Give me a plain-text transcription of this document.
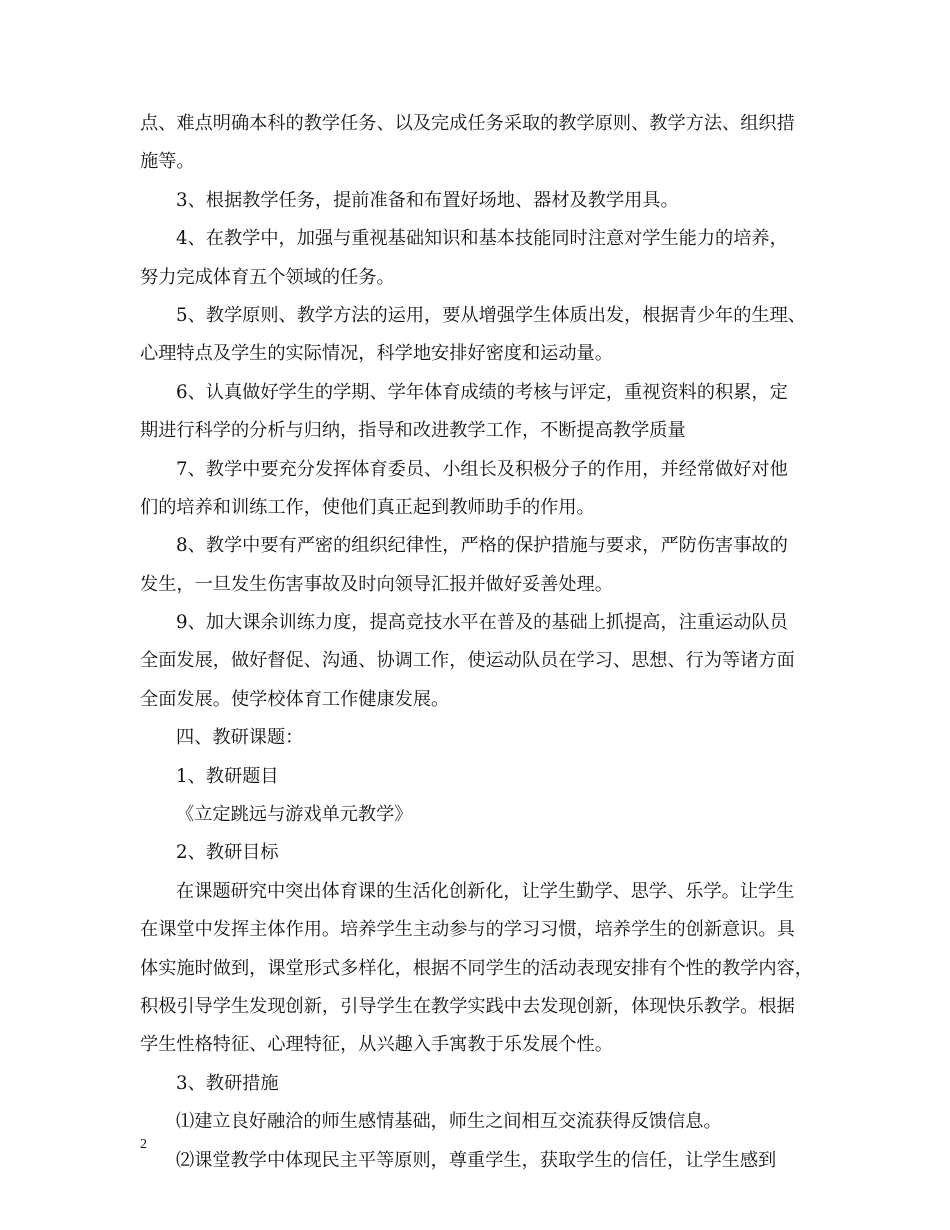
点、难点明确本科的教学任务、以及完成任务采取的教学原则、教学方法、组织措
施等。
3、根据教学任务，提前准备和布置好场地、器材及教学用具。
4、在教学中，加强与重视基础知识和基本技能同时注意对学生能力的培养，
努力完成体育五个领域的任务。
5、教学原则、教学方法的运用，要从增强学生体质出发，根据青少年的生理、
心理特点及学生的实际情况，科学地安排好密度和运动量。
6、认真做好学生的学期、学年体育成绩的考核与评定，重视资料的积累，定
期进行科学的分析与归纳，指导和改进教学工作，不断提高教学质量
7、教学中要充分发挥体育委员、小组长及积极分子的作用，并经常做好对他
们的培养和训练工作，使他们真正起到教师助手的作用。
8、教学中要有严密的组织纪律性，严格的保护措施与要求，严防伤害事故的
发生，一旦发生伤害事故及时向领导汇报并做好妥善处理。
9、加大课余训练力度，提高竞技水平在普及的基础上抓提高，注重运动队员
全面发展，做好督促、沟通、协调工作，使运动队员在学习、思想、行为等诸方面
全面发展。使学校体育工作健康发展。
四、教研课题：
1、教研题目
《立定跳远与游戏单元教学》
2、教研目标
在课题研究中突出体育课的生活化创新化，让学生勤学、思学、乐学。让学生
在课堂中发挥主体作用。培养学生主动参与的学习习惯，培养学生的创新意识。具
体实施时做到，课堂形式多样化，根据不同学生的活动表现安排有个性的教学内容，
积极引导学生发现创新，引导学生在教学实践中去发现创新，体现快乐教学。根据
学生性格特征、心理特征，从兴趣入手寓教于乐发展个性。
3、教研措施
⑴建立良好融洽的师生感情基础，师生之间相互交流获得反馈信息。
⑵课堂教学中体现民主平等原则，尊重学生，获取学生的信任，让学生感到
2
